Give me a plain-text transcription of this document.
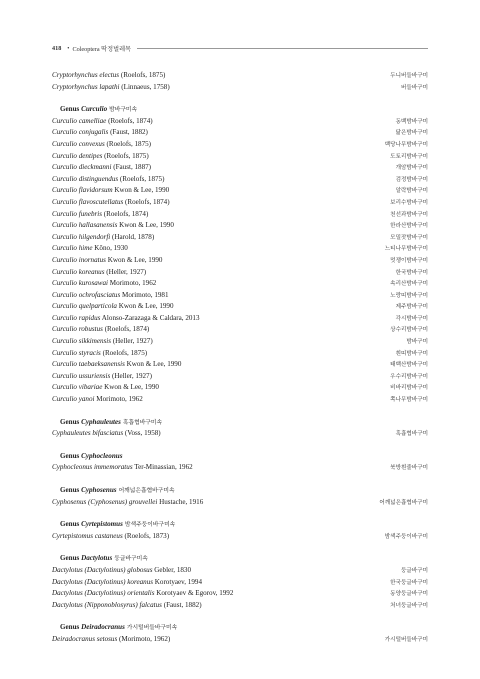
418 • Coleoptera 딱정벌레목
Cryptorhynchus electus (Roelofs, 1875)	두니버들바구미
Cryptorhynchus lapathi (Linnaeus, 1758)	버들바구미
Genus Curculio 밤바구미속
Curculio camelliae (Roelofs, 1874)	동백밤바구미
Curculio conjugalis (Faust, 1882)	닮은밤바구미
Curculio convexus (Roelofs, 1875)	백당나무밤바구미
Curculio dentipes (Roelofs, 1875)	도토리밤바구미
Curculio dieckmanni (Faust, 1887)	개암밤바구미
Curculio distinguendus (Roelofs, 1875)	검정밤바구미
Curculio flavidorsum Kwon & Lee, 1990	알락밤바구미
Curculio flavoscutellatus (Roelofs, 1874)	보리수밤바구미
Curculio funebris (Roelofs, 1874)	천선과밤바구미
Curculio hallasanensis Kwon & Lee, 1990	한라산밤바구미
Curculio hilgendorfi (Harold, 1878)	모밀잣밤바구미
Curculio hime Kôno, 1930	느티나무밤바구미
Curculio inornatus Kwon & Lee, 1990	멋쟁이밤바구미
Curculio koreanus (Heller, 1927)	한국밤바구미
Curculio kurosawai Morimoto, 1962	속리산밤바구미
Curculio ochrofasciatus Morimoto, 1981	노랑띠밤바구미
Curculio quelparticola Kwon & Lee, 1990	제주밤바구미
Curculio rapidus Alonso-Zarazaga & Caldara, 2013	각시밤바구미
Curculio robustus (Roelofs, 1874)	상수리밤바구미
Curculio sikkimensis (Heller, 1927)	밤바구미
Curculio styracis (Roelofs, 1875)	흰띠밤바구미
Curculio taebaeksanensis Kwon & Lee, 1990	태백산밤바구미
Curculio ussuriensis (Heller, 1927)	우수리밤바구미
Curculio vibariae Kwon & Lee, 1990	비바리밤바구미
Curculio yanoi Morimoto, 1962	쪽나무밤바구미
Genus Cyphauleutes 혹흡협바구미속
Cyphauleutes bifasciatus (Voss, 1958)	혹흡협바구미
Genus Cyphocleonus
Cyphocleonus immemoratus Ter-Minassian, 1962	북방흰줄바구미
Genus Cyphosenus 어깨넓은흡협바구미속
Cyphosenus (Cyphosenus) grouvellei Hustache, 1916	어깨넓은흡협바구미
Genus Cyrtepistomus 밤색주둥이바구미속
Cyrtepistomus castaneus (Roelofs, 1873)	밤색주둥이바구미
Genus Dactylotus 둥글바구미속
Dactylotus (Dactylotinus) globosus Gebler, 1830	둥글바구미
Dactylotus (Dactylotinus) koreanus Korotyaev, 1994	한국둥글바구미
Dactylotus (Dactylotinus) orientalis Korotyaev & Egorov, 1992	동양둥글바구미
Dactylotus (Nipponoblosyrus) falcatus (Faust, 1882)	처녀둥글바구미
Genus Deiradocranus 가시털버들바구미속
Deiradocranus setosus (Morimoto, 1962)	가시털버들바구미
